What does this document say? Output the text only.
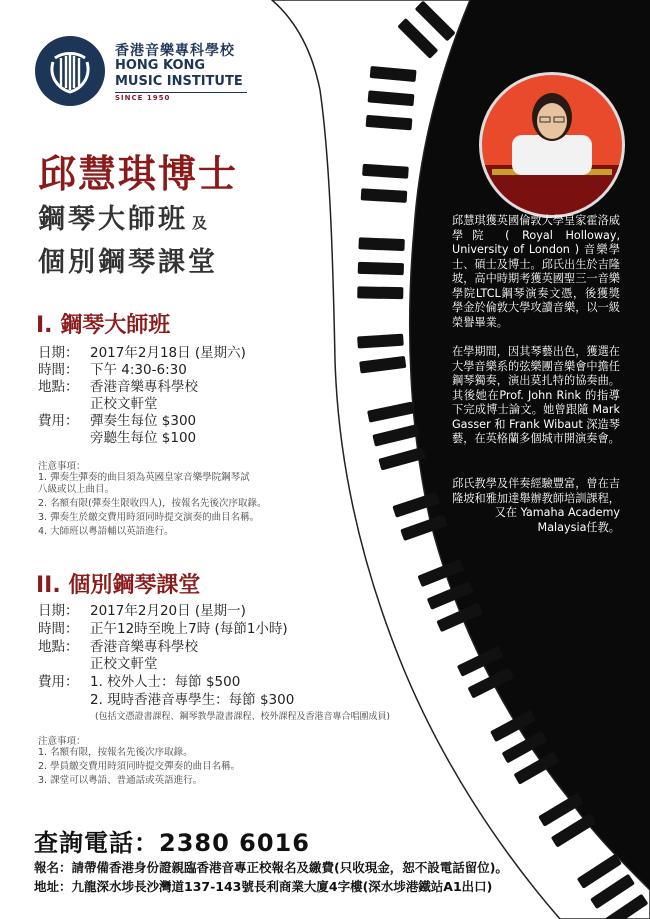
香港音樂專科學校
HONG KONG
MUSIC INSTITUTE
SINCE 1950
邱慧琪博士
鋼琴大師班 及
個別鋼琴課堂
I. 鋼琴大師班
日期： 2017年2月18日 (星期六)
時間： 下午 4:30-6:30
地點： 香港音樂專科學校
正校文軒堂
費用： 彈奏生每位 $300
旁聽生每位 $100
注意事項：
1. 彈奏生彈奏的曲目須為英國皇家音樂學院鋼琴試
八級或以上曲目。
2. 名額有限(彈奏生限收四人)，按報名先後次序取錄。
3. 彈奏生於繳交費用時須同時提交演奏的曲目名稱。
4. 大師班以粵語輔以英語進行。
II. 個別鋼琴課堂
日期： 2017年2月20日 (星期一)
時間： 正午12時至晚上7時 (每節1小時)
地點： 香港音樂專科學校
正校文軒堂
費用： 1. 校外人士：每節 $500
2. 現時香港音專學生：每節 $300
(包括文憑證書課程、鋼琴教學證書課程、校外課程及香港音專合唱團成員)
注意事項：
1. 名額有限，按報名先後次序取錄。
2. 學員繳交費用時須同時提交彈奏的曲目名稱。
3. 課堂可以粵語、普通話或英語進行。
邱慧琪獲英國倫敦大學皇家霍洛威學院 ( Royal Holloway, University of London ) 音樂學士、碩士及博士。邱氏出生於吉隆坡，高中時期考獲英國聖三一音樂學院LTCL鋼琴演奏文憑，後獲獎學金於倫敦大學攻讀音樂，以一級榮譽畢業。
在學期間，因其琴藝出色，獲選在大學音樂系的弦樂團音樂會中擔任鋼琴獨奏，演出莫扎特的協奏曲。其後她在Prof. John Rink 的指導下完成博士論文。她曾跟隨 Mark Gasser 和 Frank Wibaut 深造琴藝，在英格蘭多個城市開演奏會。
邱氏教學及伴奏經驗豐富，曾在吉隆坡和雅加達舉辦教師培訓課程，又在 Yamaha Academy Malaysia任教。
查詢電話：2380 6016
報名：請帶備香港身份證親臨香港音專正校報名及繳費(只收現金，恕不設電話留位)。
地址：九龍深水埗長沙灣道137-143號長利商業大廈4字樓(深水埗港鐵站A1出口)
